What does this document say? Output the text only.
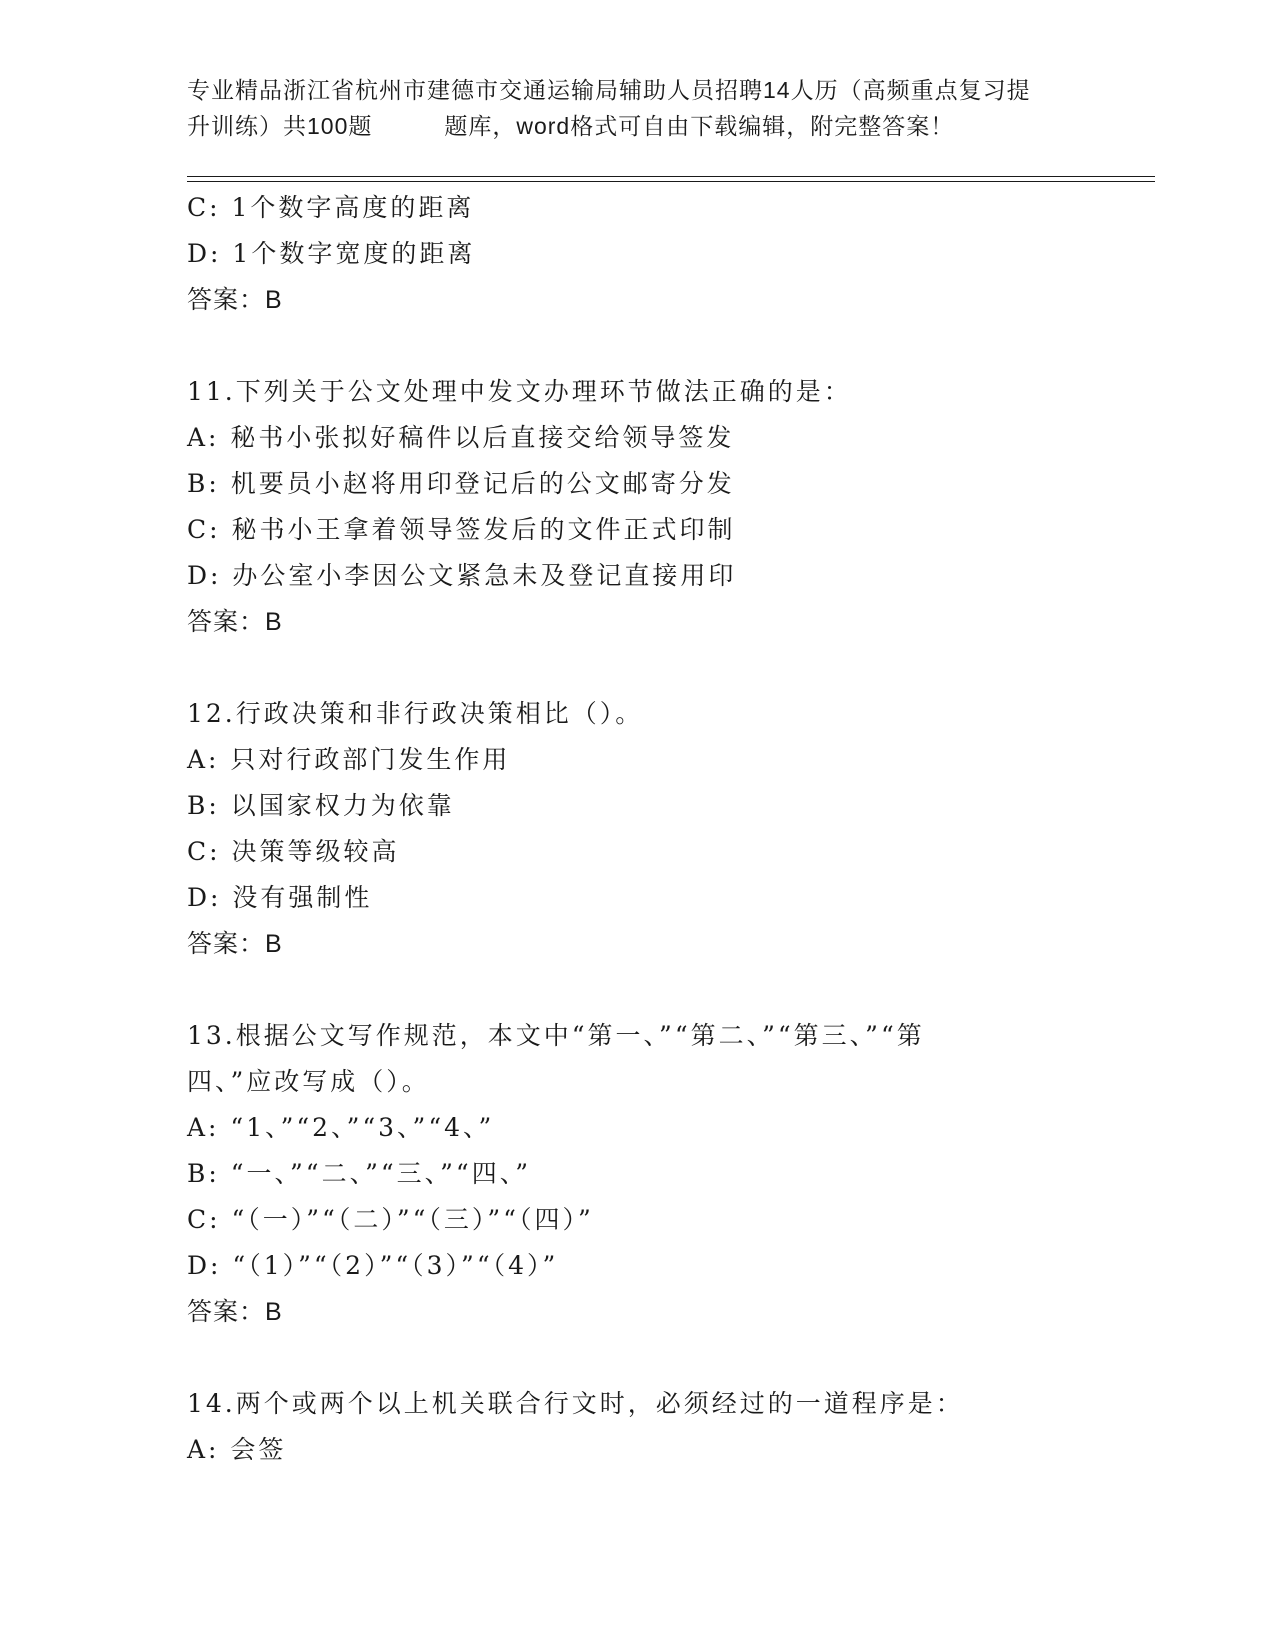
专业精品浙江省杭州市建德市交通运输局辅助人员招聘14人历（高频重点复习提
升训练）共100题	题库，word格式可自由下载编辑，附完整答案！
C: 1个数字高度的距离
D: 1个数字宽度的距离
答案：B
11.下列关于公文处理中发文办理环节做法正确的是：
A: 秘书小张拟好稿件以后直接交给领导签发
B: 机要员小赵将用印登记后的公文邮寄分发
C: 秘书小王拿着领导签发后的文件正式印制
D: 办公室小李因公文紧急未及登记直接用印
答案：B
12.行政决策和非行政决策相比（）。
A: 只对行政部门发生作用
B: 以国家权力为依靠
C: 决策等级较高
D: 没有强制性
答案：B
13.根据公文写作规范，本文中“第一、”“第二、”“第三、”“第
四、”应改写成（）。
A: “1、”“2、”“3、”“4、”
B: “一、”“二、”“三、”“四、”
C: “（一）”“（二）”“（三）”“（四）”
D: “（1）”“（2）”“（3）”“（4）”
答案：B
14.两个或两个以上机关联合行文时，必须经过的一道程序是：
A: 会签
